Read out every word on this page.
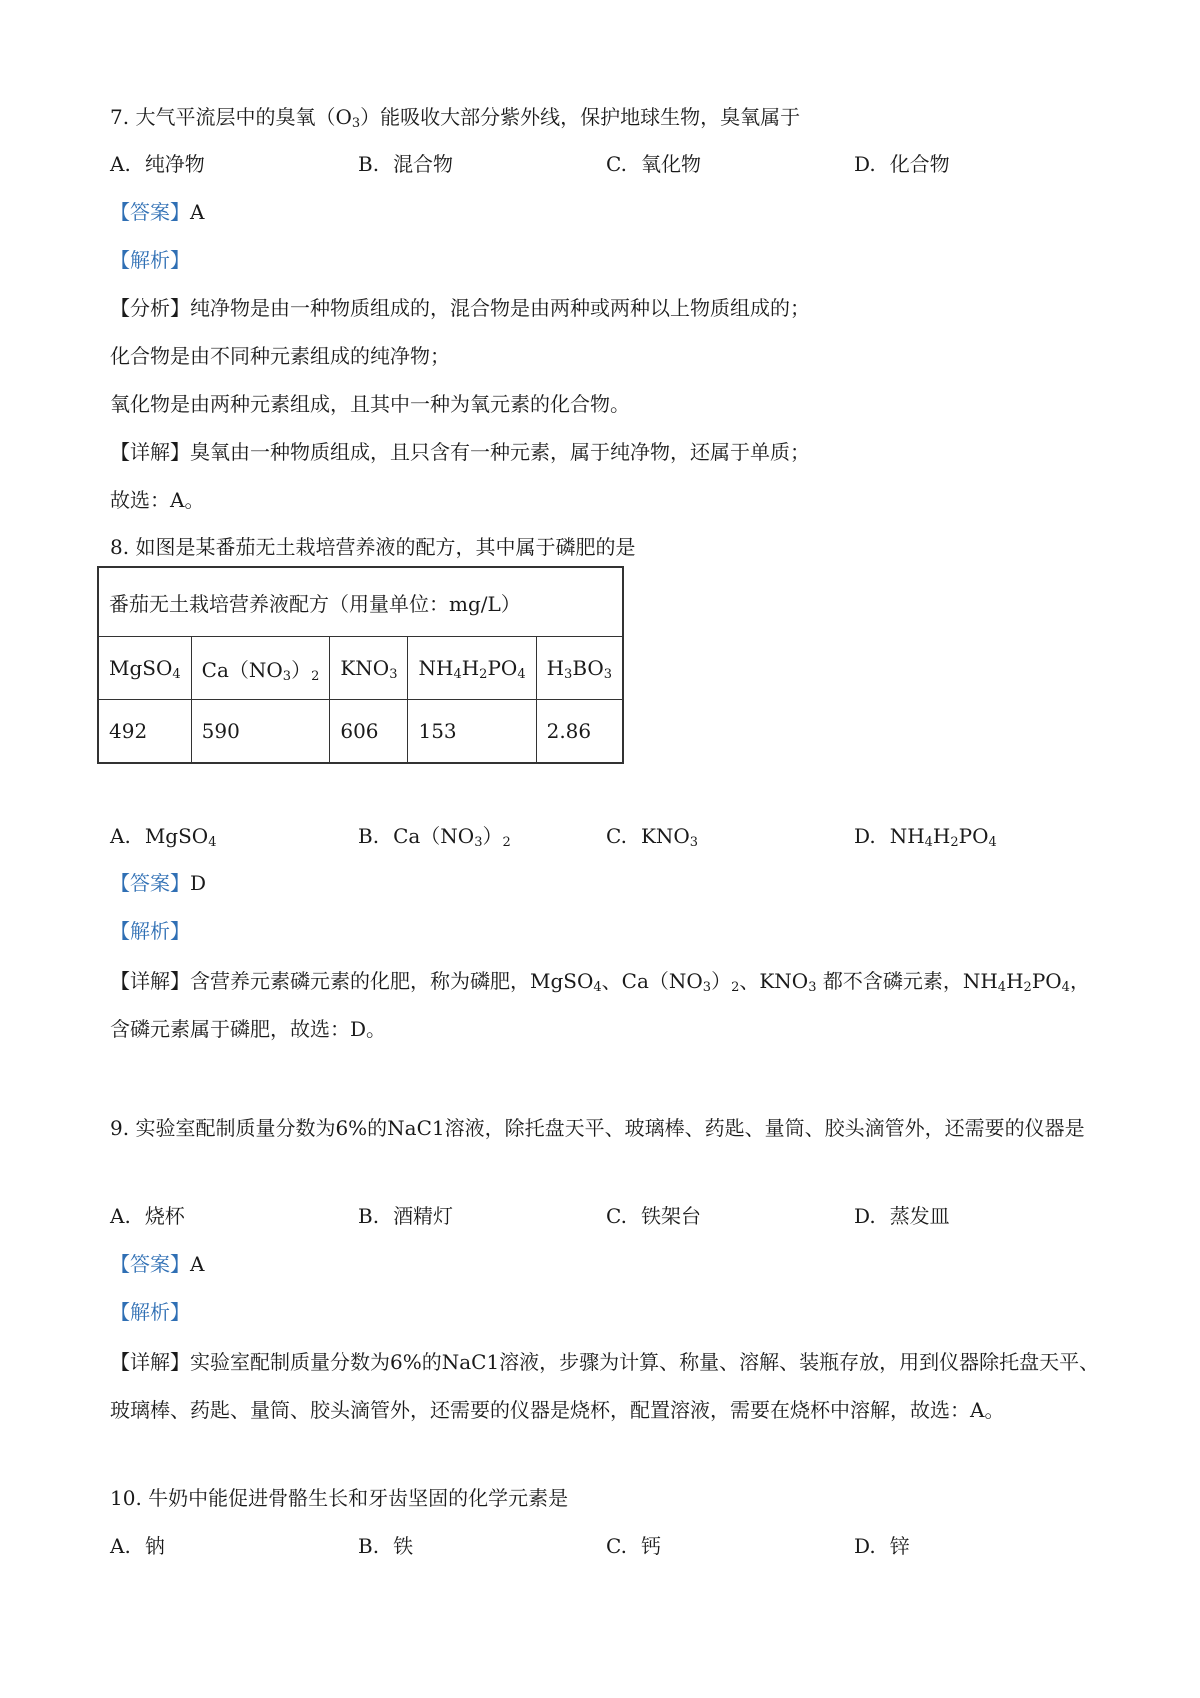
7. 大气平流层中的臭氧$(O_3)$能吸收大部分紫外线，保护地球生物，臭氧属于
A. 纯净物	B. 混合物	C. 氧化物	D. 化合物
【答案】A
【解析】
【分析】纯净物是由一种物质组成的，混合物是由两种或两种以上物质组成的；
化合物是由不同种元素组成的纯净物；
氧化物是由两种元素组成，且其中一种为氧元素的化合物。
【详解】臭氧由一种物质组成，且只含有一种元素，属于纯净物，还属于单质；
故选：A。
8. 如图是某番茄无土栽培营养液的配方，其中属于磷肥的是
番茄无土栽培营养液配方（用量单位：mg/L）				
MgSO$_4$	$Ca(NO_3)_2$	$KNO_3$	$NH_4H_2PO_4$	$H_3BO_3$
492	590	606	153	2.86
A. MgSO$_4$	B. $Ca(NO_3)_2$	C. $KNO_3$	D. $NH_4H_2PO_4$
【答案】D
【解析】
【详解】含营养元素磷元素的化肥，称为磷肥，MgSO$_4$、$Ca(NO_3)_2$、$KNO_3$ 都不含磷元素，$NH_4H_2PO_4$，含磷元素属于磷肥，故选：D。
9. 实验室配制质量分数为6%的NaC1溶液，除托盘天平、玻璃棒、药匙、量筒、胶头滴管外，还需要的仪器是
A. 烧杯	B. 酒精灯	C. 铁架台	D. 蒸发皿
【答案】A
【解析】
【详解】实验室配制质量分数为6%的NaC1溶液，步骤为计算、称量、溶解、装瓶存放，用到仪器除托盘天平、玻璃棒、药匙、量筒、胶头滴管外，还需要的仪器是烧杯，配置溶液，需要在烧杯中溶解，故选：A。
10. 牛奶中能促进骨骼生长和牙齿坚固的化学元素是
A. 钠	B. 铁	C. 钙	D. 锌
